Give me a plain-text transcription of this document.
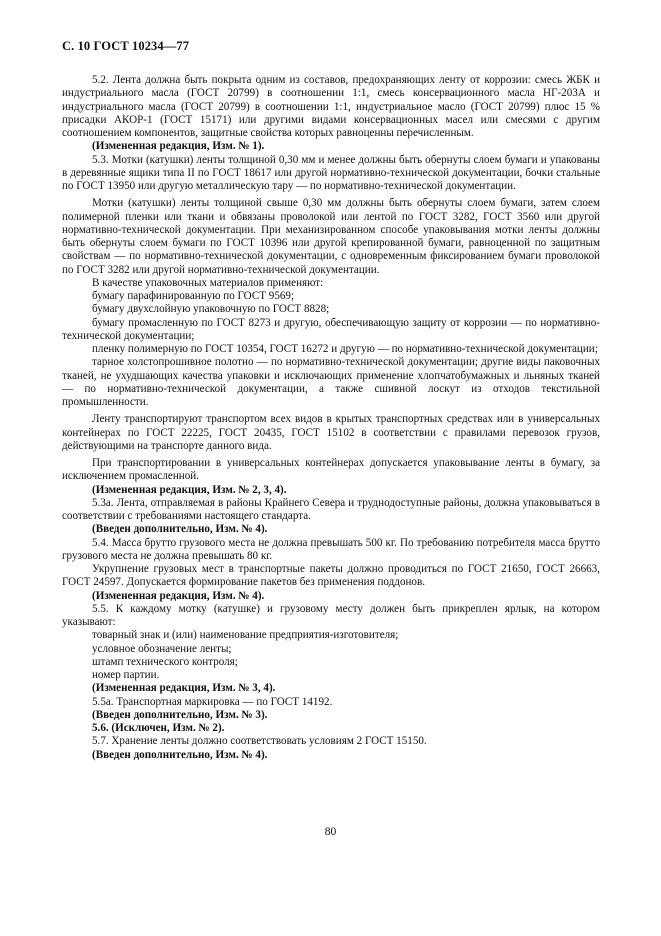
С. 10 ГОСТ 10234—77

5.2. Лента должна быть покрыта одним из составов, предохраняющих ленту от коррозии: смесь ЖБК и индустриального масла (ГОСТ 20799) в соотношении 1:1, смесь консервационного масла НГ-203А и индустриального масла (ГОСТ 20799) в соотношении 1:1, индустриальное масло (ГОСТ 20799) плюс 15 % присадки АКОР-1 (ГОСТ 15171) или другими видами консервационных масел или смесями с другим соотношением компонентов, защитные свойства которых равноценны перечисленным.

(Измененная редакция, Изм. № 1).

5.3. Мотки (катушки) ленты толщиной 0,30 мм и менее должны быть обернуты слоем бумаги и упакованы в деревянные ящики типа II по ГОСТ 18617 или другой нормативно-технической документации, бочки стальные по ГОСТ 13950 или другую металлическую тару — по нормативно-технической документации.

Мотки (катушки) ленты толщиной свыше 0,30 мм должны быть обернуты слоем бумаги, затем слоем полимерной пленки или ткани и обвязаны проволокой или лентой по ГОСТ 3282, ГОСТ 3560 или другой нормативно-технической документации. При механизированном способе упаковывания мотки ленты должны быть обернуты слоем бумаги по ГОСТ 10396 или другой крепированной бумаги, равноценной по защитным свойствам — по нормативно-технической документации, с одновременным фиксированием бумаги проволокой по ГОСТ 3282 или другой нормативно-технической документации.

В качестве упаковочных материалов применяют:

бумагу парафинированную по ГОСТ 9569;

бумагу двухслойную упаковочную по ГОСТ 8828;

бумагу промасленную по ГОСТ 8273 и другую, обеспечивающую защиту от коррозии — по нормативно-технической документации;

пленку полимерную по ГОСТ 10354, ГОСТ 16272 и другую — по нормативно-технической документации;

тарное холстопрошивное полотно — по нормативно-технической документации; другие виды паковочных тканей, не ухудшающих качества упаковки и исключающих применение хлопчатобумажных и льняных тканей — по нормативно-технической документации, а также сшивной лоскут из отходов текстильной промышленности.

Ленту транспортируют транспортом всех видов в крытых транспортных средствах или в универсальных контейнерах по ГОСТ 22225, ГОСТ 20435, ГОСТ 15102 в соответствии с правилами перевозок грузов, действующими на транспорте данного вида.

При транспортировании в универсальных контейнерах допускается упаковывание ленты в бумагу, за исключением промасленной.

(Измененная редакция, Изм. № 2, 3, 4).

5.3а. Лента, отправляемая в районы Крайнего Севера и труднодоступные районы, должна упаковываться в соответствии с требованиями настоящего стандарта.

(Введен дополнительно, Изм. № 4).

5.4. Масса брутто грузового места не должна превышать 500 кг. По требованию потребителя масса брутто грузового места не должна превышать 80 кг.

Укрупнение грузовых мест в транспортные пакеты должно проводиться по ГОСТ 21650, ГОСТ 26663, ГОСТ 24597. Допускается формирование пакетов без применения поддонов.

(Измененная редакция, Изм. № 4).

5.5. К каждому мотку (катушке) и грузовому месту должен быть прикреплен ярлык, на котором указывают:

товарный знак и (или) наименование предприятия-изготовителя;

условное обозначение ленты;

штамп технического контроля;

номер партии.

(Измененная редакция, Изм. № 3, 4).

5.5а. Транспортная маркировка — по ГОСТ 14192.

(Введен дополнительно, Изм. № 3).

5.6. (Исключен, Изм. № 2).

5.7. Хранение ленты должно соответствовать условиям 2 ГОСТ 15150.

(Введен дополнительно, Изм. № 4).

80
